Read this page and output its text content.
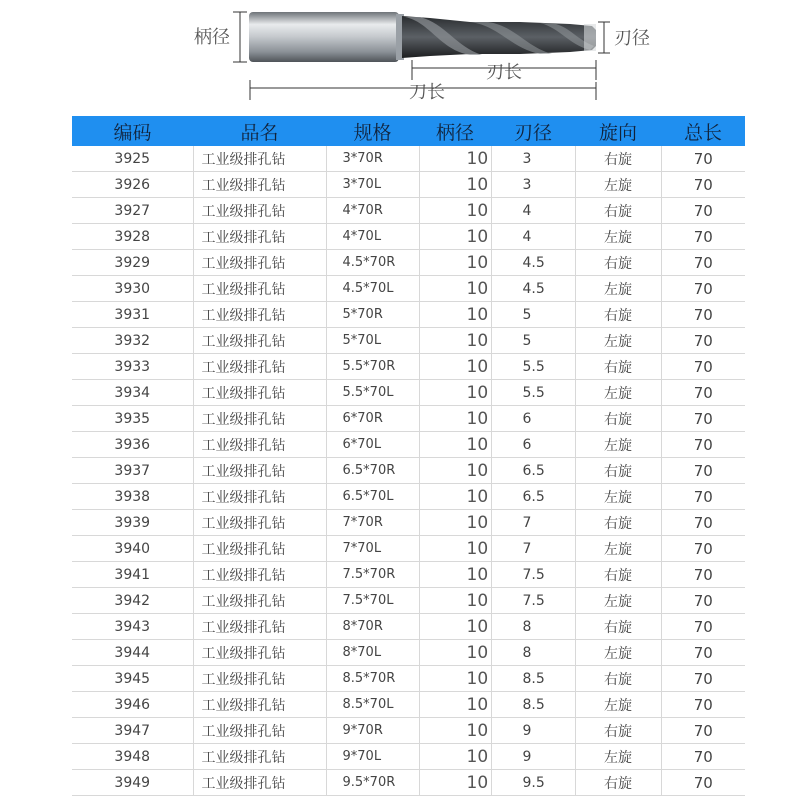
柄径	刃径
刃长
刀长
编码	品名	规格	柄径	刃径	旋向	总长
3925	工业级排孔钻	3*70R	10	3	右旋	70
3926	工业级排孔钻	3*70L	10	3	左旋	70
3927	工业级排孔钻	4*70R	10	4	右旋	70
3928	工业级排孔钻	4*70L	10	4	左旋	70
3929	工业级排孔钻	4.5*70R	10	4.5	右旋	70
3930	工业级排孔钻	4.5*70L	10	4.5	左旋	70
3931	工业级排孔钻	5*70R	10	5	右旋	70
3932	工业级排孔钻	5*70L	10	5	左旋	70
3933	工业级排孔钻	5.5*70R	10	5.5	右旋	70
3934	工业级排孔钻	5.5*70L	10	5.5	左旋	70
3935	工业级排孔钻	6*70R	10	6	右旋	70
3936	工业级排孔钻	6*70L	10	6	左旋	70
3937	工业级排孔钻	6.5*70R	10	6.5	右旋	70
3938	工业级排孔钻	6.5*70L	10	6.5	左旋	70
3939	工业级排孔钻	7*70R	10	7	右旋	70
3940	工业级排孔钻	7*70L	10	7	左旋	70
3941	工业级排孔钻	7.5*70R	10	7.5	右旋	70
3942	工业级排孔钻	7.5*70L	10	7.5	左旋	70
3943	工业级排孔钻	8*70R	10	8	右旋	70
3944	工业级排孔钻	8*70L	10	8	左旋	70
3945	工业级排孔钻	8.5*70R	10	8.5	右旋	70
3946	工业级排孔钻	8.5*70L	10	8.5	左旋	70
3947	工业级排孔钻	9*70R	10	9	右旋	70
3948	工业级排孔钻	9*70L	10	9	左旋	70
3949	工业级排孔钻	9.5*70R	10	9.5	右旋	70
